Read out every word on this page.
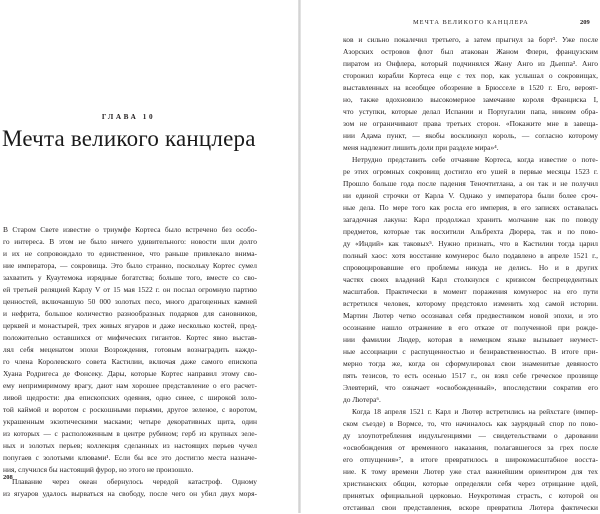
ГЛАВА 10
Мечта великого канцлера
В Старом Свете известие о триумфе Кортеса было встречено без особо-
го интереса. В этом не было ничего удивительного: новости шли долго
и их не сопровождало то единственное, что раньше привлекало внима-
ние императора, — сокровища. Это было странно, поскольку Кортес сумел
захватить у Куаутемока изрядные богатства; больше того, вместе со сво-
ей третьей реляцией Карлу V от 15 мая 1522 г. он послал огромную партию
ценностей, включавшую 50 000 золотых песо, много драгоценных камней
и нефрита, большое количество разнообразных подарков для сановников,
церквей и монастырей, трех живых ягуаров и даже несколько костей, пред-
положительно оставшихся от мифических гигантов. Кортес явно выстав-
лял себя меценатом эпохи Возрождения, готовым вознаградить каждо-
го члена Королевского совета Кастилии, включая даже самого епископа
Хуана Родригеса де Фонсеку. Дары, которые Кортес направил этому сво-
ему непримиримому врагу, дают нам хорошее представление о его расчет-
ливой щедрости: два епископских одеяния, одно синее, с широкой золо-
той каймой и воротом с роскошными перьями, другое зеленое, с воротом,
украшенным экзотическими масками; четыре декоративных щита, один
из которых — с расположенным в центре рубином; герб из крупных зеле-
ных и золотых перьев; коллекция сделанных из настоящих перьев чучел
попугаев с золотыми клювами¹. Если бы все это достигло места назначе-
ния, случился бы настоящий фурор, но этого не произошло.
Плавание через океан обернулось чередой катастроф. Одному
из ягуаров удалось вырваться на свободу, после чего он убил двух моря-
208
МЕЧТА ВЕЛИКОГО КАНЦЛЕРА	209
ков и сильно покалечил третьего, а затем прыгнул за борт². Уже после
Азорских островов флот был атакован Жаном Флери, французским
пиратом из Онфлера, который подчинялся Жану Анго из Дьеппа³. Анго
сторожил корабли Кортеса еще с тех пор, как услышал о сокровищах,
выставленных на всеобщее обозрение в Брюсселе в 1520 г. Его, вероят-
но, также вдохновило высокомерное замечание короля Франциска I,
что уступки, которые делал Испании и Португалии папа, никоим обра-
зом не ограничивают права третьих сторон. «Покажите мне в завеща-
нии Адама пункт, — якобы воскликнул король, — согласно которому
меня надлежит лишить доли при разделе мира»⁴.
Нетрудно представить себе отчаяние Кортеса, когда известие о поте-
ре этих огромных сокровищ достигло его ушей в первые месяцы 1523 г.
Прошло больше года после падения Теночтитлана, а он так и не получил
ни единой строчки от Карла V. Однако у императора были более сроч-
ные дела. По мере того как росла его империя, в его записях оставалась
загадочная лакуна: Карл продолжал хранить молчание как по поводу
предметов, которые так восхитили Альбрехта Дюрера, так и по пово-
ду «Индий» как таковых⁵. Нужно признать, что в Кастилии тогда царил
полный хаос: хотя восстание комунерос было подавлено в апреле 1521 г.,
спровоцировавшие его проблемы никуда не делись. Но и в других
частях своих владений Карл столкнулся с кризисом беспрецедентных
масштабов. Практически в момент поражения комунерос на его пути
встретился человек, которому предстояло изменить ход самой истории.
Мартин Лютер четко осознавал себя предвестником новой эпохи, и это
осознание нашло отражение в его отказе от полученной при рожде-
нии фамилии Людер, которая в немецком языке вызывает неумест-
ные ассоциации с распущенностью и безнравственностью. В итоге при-
мерно тогда же, когда он сформулировал свои знаменитые девяносто
пять тезисов, то есть осенью 1517 г., он взял себе греческое прозвище
Элевтерий, что означает «освобожденный», впоследствии сократив его
до Лютера⁶.
Когда 18 апреля 1521 г. Карл и Лютер встретились на рейхстаге (импер-
ском съезде) в Вормсе, то, что начиналось как заурядный спор по пово-
ду злоупотребления индульгенциями — свидетельствами о даровании
«освобождения от временного наказания, полагавшегося за грех после
его отпущения»⁷, в итоге превратилось в широкомасштабное восста-
ние. К тому времени Лютер уже стал важнейшим ориентиром для тех
христианских общин, которые определяли себя через отрицание идей,
принятых официальной церковью. Неукротимая страсть, с которой он
отстаивал свои представления, вскоре превратила Лютера фактически
